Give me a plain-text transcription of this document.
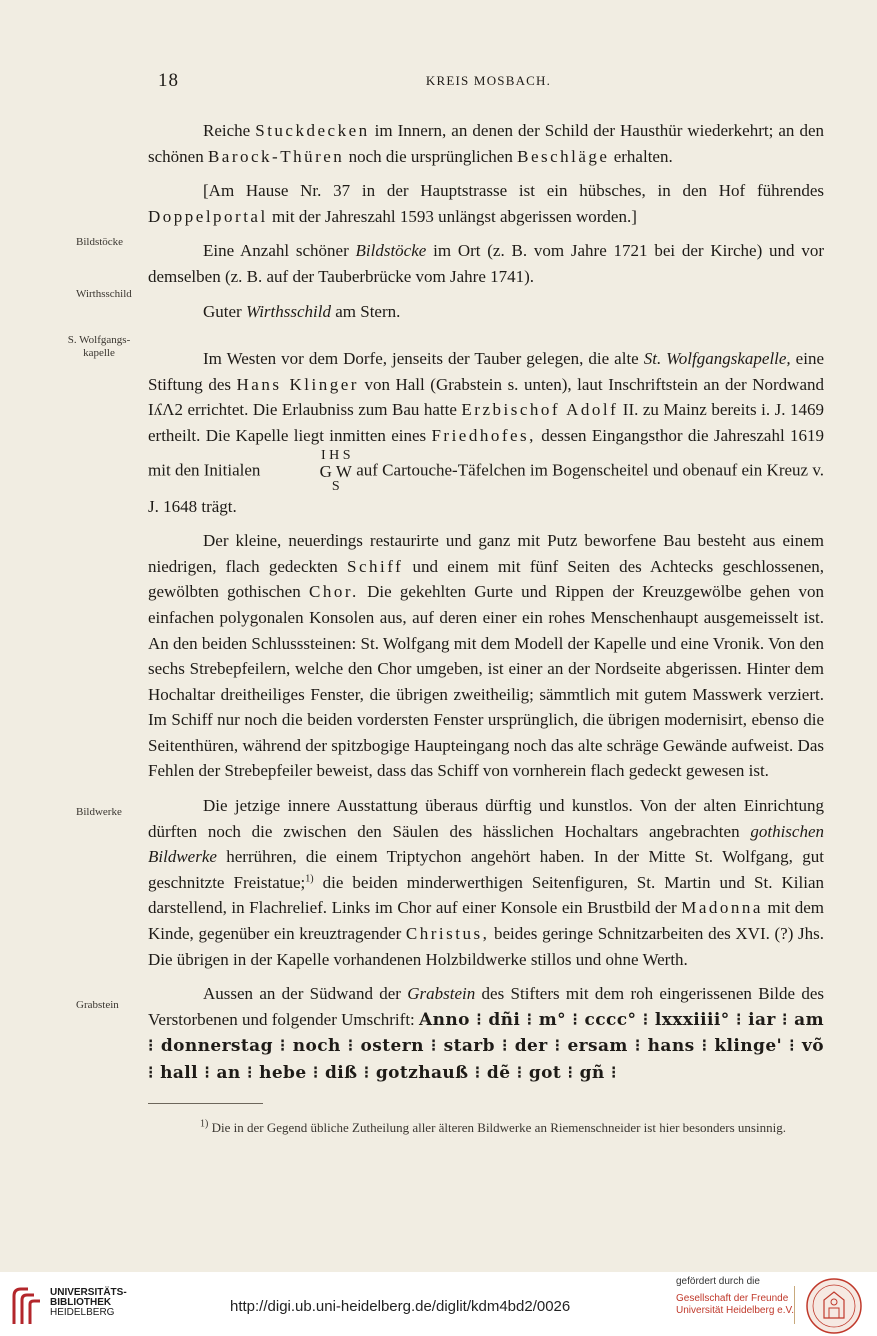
18	KREIS MOSBACH.
Bildstöcke
Wirthsschild
S. Wolfgangs-
kapelle
Bildwerke
Grabstein

Reiche Stuckdecken im Innern, an denen der Schild der Hausthür wiederkehrt; an den schönen Barock-Thüren noch die ursprünglichen Beschläge erhalten.

[Am Hause Nr. 37 in der Hauptstrasse ist ein hübsches, in den Hof führendes Doppelportal mit der Jahreszahl 1593 unlängst abgerissen worden.]

Eine Anzahl schöner Bildstöcke im Ort (z. B. vom Jahre 1721 bei der Kirche) und vor demselben (z. B. auf der Tauberbrücke vom Jahre 1741).

Guter Wirthsschild am Stern.

Im Westen vor dem Dorfe, jenseits der Tauber gelegen, die alte St. Wolfgangskapelle, eine Stiftung des Hans Klinger von Hall (Grabstein s. unten), laut Inschriftstein an der Nordwand IʎΛ2 errichtet. Die Erlaubniss zum Bau hatte Erzbischof Adolf II. zu Mainz bereits i. J. 1469 ertheilt. Die Kapelle liegt inmitten eines Friedhofes, dessen Eingangsthor die Jahreszahl 1619 mit den Initialen
I H S
G W
S
auf Cartouche-Täfelchen im Bogenscheitel und obenauf ein Kreuz v. J. 1648 trägt.

Der kleine, neuerdings restaurirte und ganz mit Putz beworfene Bau besteht aus einem niedrigen, flach gedeckten Schiff und einem mit fünf Seiten des Achtecks geschlossenen, gewölbten gothischen Chor. Die gekehlten Gurte und Rippen der Kreuzgewölbe gehen von einfachen polygonalen Konsolen aus, auf deren einer ein rohes Menschenhaupt ausgemeisselt ist. An den beiden Schlusssteinen: St. Wolfgang mit dem Modell der Kapelle und eine Vronik. Von den sechs Strebepfeilern, welche den Chor umgeben, ist einer an der Nordseite abgerissen. Hinter dem Hochaltar dreitheiliges Fenster, die übrigen zweitheilig; sämmtlich mit gutem Masswerk verziert. Im Schiff nur noch die beiden vordersten Fenster ursprünglich, die übrigen modernisirt, ebenso die Seitenthüren, während der spitzbogige Haupteingang noch das alte schräge Gewände aufweist. Das Fehlen der Strebepfeiler beweist, dass das Schiff von vornherein flach gedeckt gewesen ist.

Die jetzige innere Ausstattung überaus dürftig und kunstlos. Von der alten Einrichtung dürften noch die zwischen den Säulen des hässlichen Hochaltars angebrachten gothischen Bildwerke herrühren, die einem Triptychon angehört haben. In der Mitte St. Wolfgang, gut geschnitzte Freistatue;$^{1)}$ die beiden minderwerthigen Seitenfiguren, St. Martin und St. Kilian darstellend, in Flachrelief. Links im Chor auf einer Konsole ein Brustbild der Madonna mit dem Kinde, gegenüber ein kreuztragender Christus, beides geringe Schnitzarbeiten des XVI. (?) Jhs. Die übrigen in der Kapelle vorhandenen Holzbildwerke stillos und ohne Werth.

Aussen an der Südwand der Grabstein des Stifters mit dem roh eingerissenen Bilde des Verstorbenen und folgender Umschrift: Anno ⁝ dñi ⁝ m° ⁝ cccc° ⁝ lxxxiiii° ⁝ iar ⁝ am ⁝ donnerstag ⁝ noch ⁝ ostern ⁝ starb ⁝ der ⁝ ersam ⁝ hans ⁝ klinge' ⁝ võ ⁝ hall ⁝ an ⁝ hebe ⁝ diß ⁝ gotzhauß ⁝ dẽ ⁝ got ⁝ gñ ⁝

$^{1)}$ Die in der Gegend übliche Zutheilung aller älteren Bildwerke an Riemenschneider ist hier besonders unsinnig.
UNIVERSITÄTS-
BIBLIOTHEK
HEIDELBERG	http://digi.ub.uni-heidelberg.de/diglit/kdm4bd2/0026
gefördert durch die
Gesellschaft der Freunde
Universität Heidelberg e.V.
